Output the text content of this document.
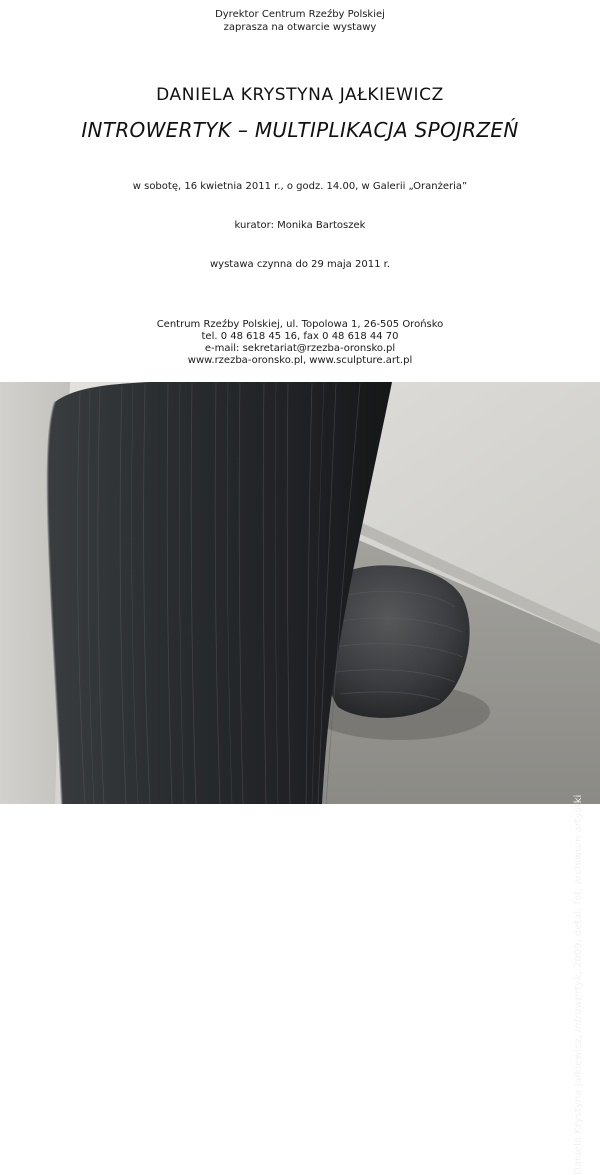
Dyrektor Centrum Rzeźby Polskiej
zaprasza na otwarcie wystawy
DANIELA KRYSTYNA JAŁKIEWICZ
INTROWERTYK – MULTIPLIKACJA SPOJRZEŃ
w sobotę, 16 kwietnia 2011 r., o godz. 14.00, w Galerii „Oranżeria”
kurator: Monika Bartoszek
wystawa czynna do 29 maja 2011 r.
Centrum Rzeźby Polskiej, ul. Topolowa 1, 26-505 Orońsko
tel. 0 48 618 45 16, fax 0 48 618 44 70
e-mail: sekretariat@rzezba-oronsko.pl
www.rzezba-oronsko.pl, www.sculpture.art.pl
Daniela Krystyna Jałkiewicz, Introwertyk, 2009, detal, fot. archiwum artystki
